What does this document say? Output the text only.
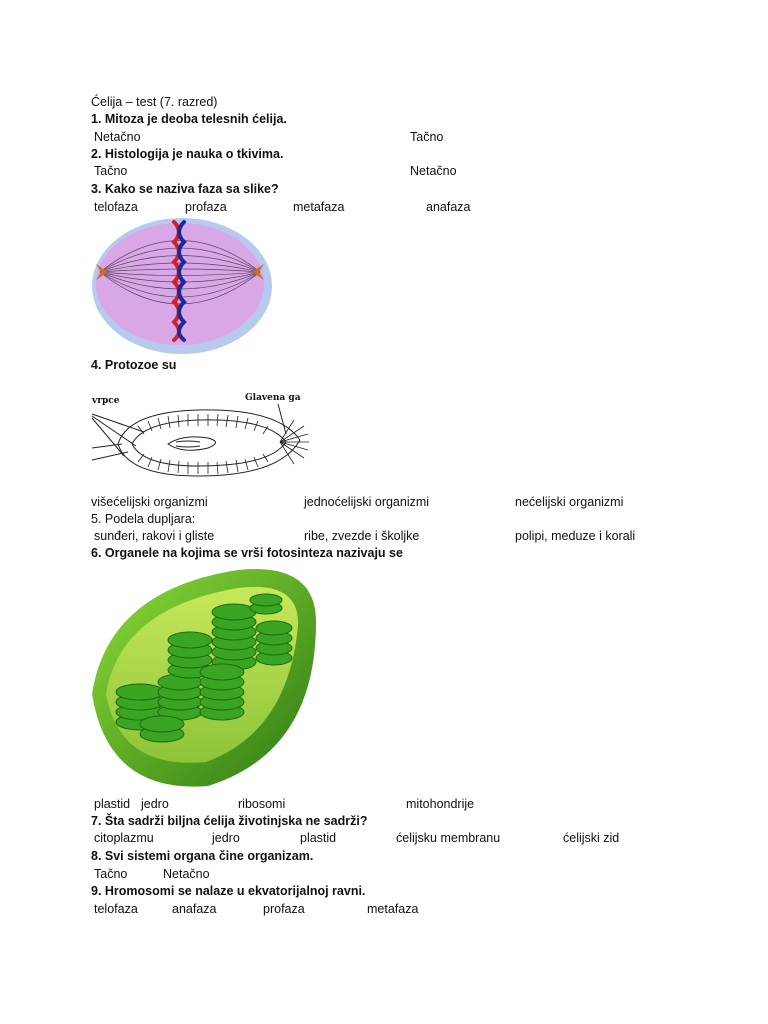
Ćelija – test (7. razred)
1. Mitoza je deoba telesnih ćelija.
Netačno	Tačno
2. Histologija je nauka o tkivima.
Tačno	Netačno
3. Kako se naziva faza sa slike?
telofaza	profaza	metafaza	anafaza
4. Protozoe su
vrpce	Glavena ga
višećelijski organizmi	jednoćelijski organizmi	nećelijski organizmi
5. Podela dupljara:
sunđeri, rakovi i gliste	ribe, zvezde i školjke	polipi, meduze i korali
6. Organele na kojima se vrši fotosinteza nazivaju se
plastid jedro	ribosomi	mitohondrije
7. Šta sadrži biljna ćelija životinjska ne sadrži?
citoplazmu	jedro	plastid	ćelijsku membranu	ćelijski zid
8. Svi sistemi organa čine organizam.
Tačno	Netačno
9. Hromosomi se nalaze u ekvatorijalnoj ravni.
telofaza	anafaza	profaza	metafaza
